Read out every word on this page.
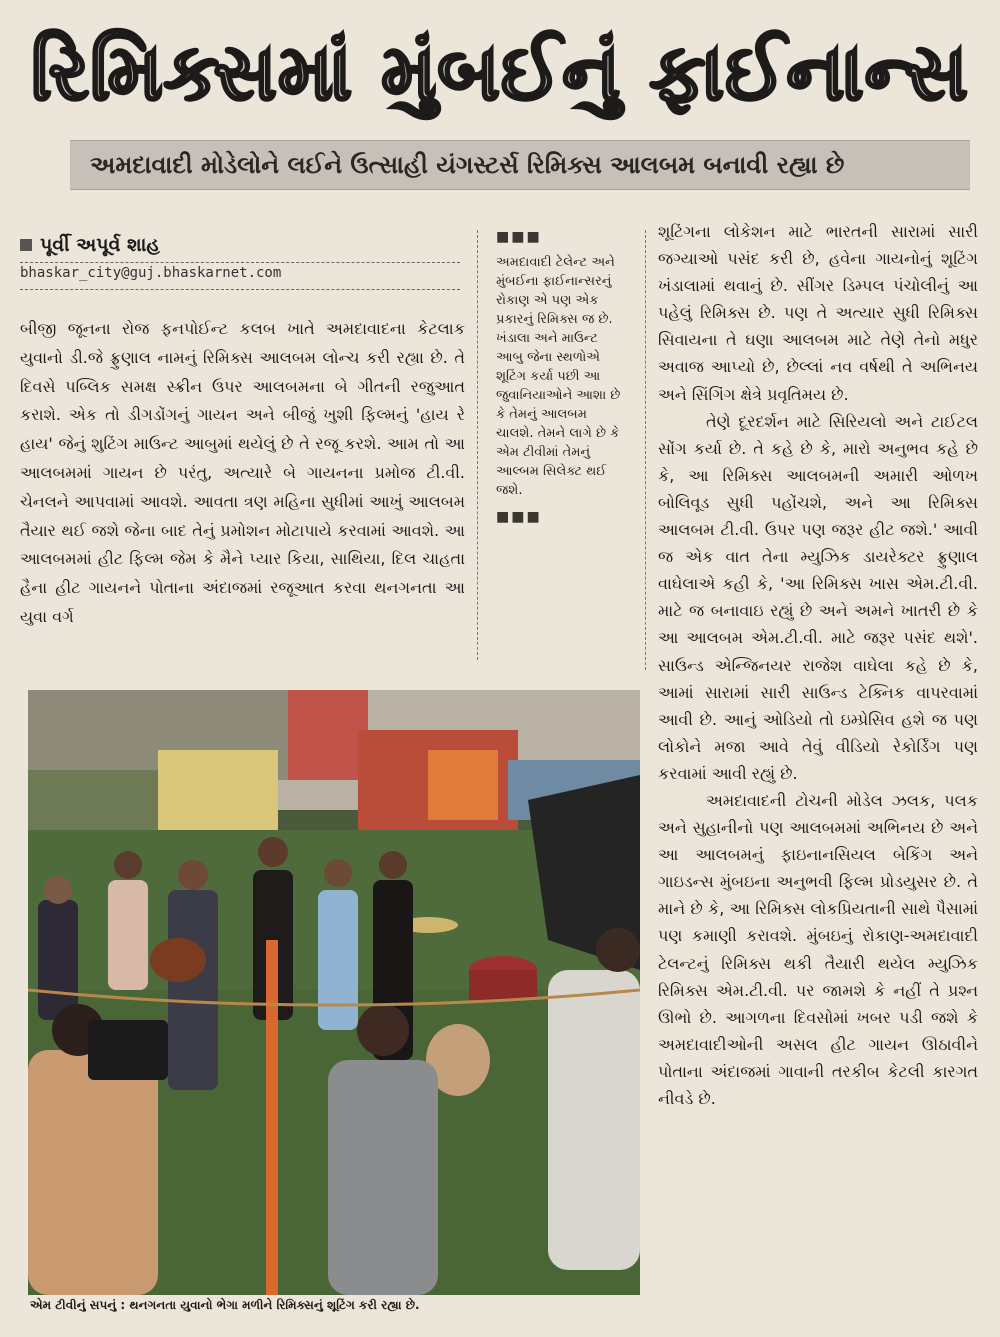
રિમિક્સમાં મુંબઈનું ફાઈનાન્સ
અમદાવાદી મોડેલોને લઈને ઉત્સાહી યંગસ્ટર્સ રિમિક્સ આલબમ બનાવી રહ્યા છે
પૂર્વી અપૂર્વ શાહ
bhaskar_city@guj.bhaskarnet.com

બીજી જૂનના રોજ ફનપોઈન્ટ કલબ ખાતે અમદાવાદના કેટલાક યુવાનો ડી.જે ફ્રુણાલ નામનું રિમિક્સ આલબમ લોન્ચ કરી રહ્યા છે. તે દિવસે પબ્લિક સમક્ષ સ્ક્રીન ઉપર આલબમના બે ગીતની રજુઆત કરાશે. એક તો ડીગડોંગનું ગાયન અને બીજું ખુશી ફિલ્મનું 'હાય રે હાય' જેનું શુટિંગ માઉન્ટ આબુમાં થયેલું છે તે રજૂ કરશે. આમ તો આ આલબમમાં ગાયન છે પરંતુ, અત્યારે બે ગાયનના પ્રમોજ ટી.વી. ચેનલને આપવામાં આવશે. આવતા ત્રણ મહિના સુધીમાં આખું આલબમ તૈયાર થઈ જશે જેના બાદ તેનું પ્રમોશન મોટાપાયે કરવામાં આવશે. આ આલબમમાં હીટ ફિલ્મ જેમ કે મૈને પ્યાર કિયા, સાથિયા, દિલ ચાહતા હૈના હીટ ગાયનને પોતાના અંદાજમાં રજૂઆત કરવા થનગનતા આ યુવા વર્ગ

■■■
અમદાવાદી ટેલેન્ટ અને મુંબઈના ફાઈનાન્સરનું રોકાણ એ પણ એક પ્રકારનું રિમિક્સ જ છે. ખંડાલા અને માઉન્ટ આબુ જેના સ્થળોએ શૂટિંગ કર્યા પછી આ જુવાનિયાઓને આશા છે કે તેમનું આલબમ ચાલશે. તેમને લાગે છે કે એમ ટીવીમાં તેમનું આલ્બમ સિલેક્ટ થઈ જશે.
■■■

શૂટિંગના લોકેશન માટે ભારતની સારામાં સારી જગ્યાઓ પસંદ કરી છે, હવેના ગાયનોનું શૂટિંગ ખંડાલામાં થવાનું છે. સીંગર ડિમ્પલ પંચોલીનું આ પહેલું રિમિક્સ છે. પણ તે અત્યાર સુધી રિમિક્સ સિવાયના તે ઘણા આલબમ માટે તેણે તેનો મધુર અવાજ આપ્યો છે, છેલ્લાં નવ વર્ષથી તે અભિનય અને સિંગિંગ ક્ષેત્રે પ્રવૃતિમય છે.

તેણે દૂરદર્શન માટે સિરિયલો અને ટાઈટલ સોંગ કર્યા છે. તે કહે છે કે, મારો અનુભવ કહે છે કે, આ રિમિક્સ આલબમની અમારી ઓળખ બોલિવૂડ સુધી પહોંચશે, અને આ રિમિક્સ આલબમ ટી.વી. ઉપર પણ જરૂર હીટ જશે.' આવી જ એક વાત તેના મ્યુઝિક ડાયરેક્ટર ફ્રુણાલ વાઘેલાએ કહી કે, 'આ રિમિક્સ ખાસ એમ.ટી.વી. માટે જ બનાવાઇ રહ્યું છે અને અમને ખાતરી છે કે આ આલબમ એમ.ટી.વી. માટે જરૂર પસંદ થશે'. સાઉન્ડ એન્જિનયર રાજેશ વાઘેલા કહે છે કે, આમાં સારામાં સારી સાઉન્ડ ટેક્નિક વાપરવામાં આવી છે. આનું ઓડિયો તો ઇમ્પ્રેસિવ હશે જ પણ લોકોને મજા આવે તેવું વીડિયો રેકોર્ડિંગ પણ કરવામાં આવી રહ્યું છે.

અમદાવાદની ટોચની મોડેલ ઝલક, પલક અને સુહાનીનો પણ આલબમમાં અભિનય છે અને આ આલબમનું ફાઇનાનસિયલ બેકિંગ અને ગાઇડન્સ મુંબઇના અનુભવી ફિલ્મ પ્રોડયુસર છે. તે માને છે કે, આ રિમિક્સ લોકપ્રિયતાની સાથે પૈસામાં પણ કમાણી કરાવશે. મુંબઇનું રોકાણ-અમદાવાદી ટેલન્ટનું રિમિક્સ થકી તૈયારી થયેલ મ્યુઝિક રિમિક્સ એમ.ટી.વી. પર જામશે કે નહીં તે પ્રશ્ન ઊભો છે. આગળના દિવસોમાં ખબર પડી જશે કે અમદાવાદીઓની અસલ હીટ ગાયન ઊઠાવીને પોતાના અંદાજમાં ગાવાની તરકીબ કેટલી કારગત નીવડે છે.

એમ ટીવીનું સપનું : થનગનતા યુવાનો ભેગા મળીને રિમિક્સનું શૂટિંગ કરી રહ્યા છે.
